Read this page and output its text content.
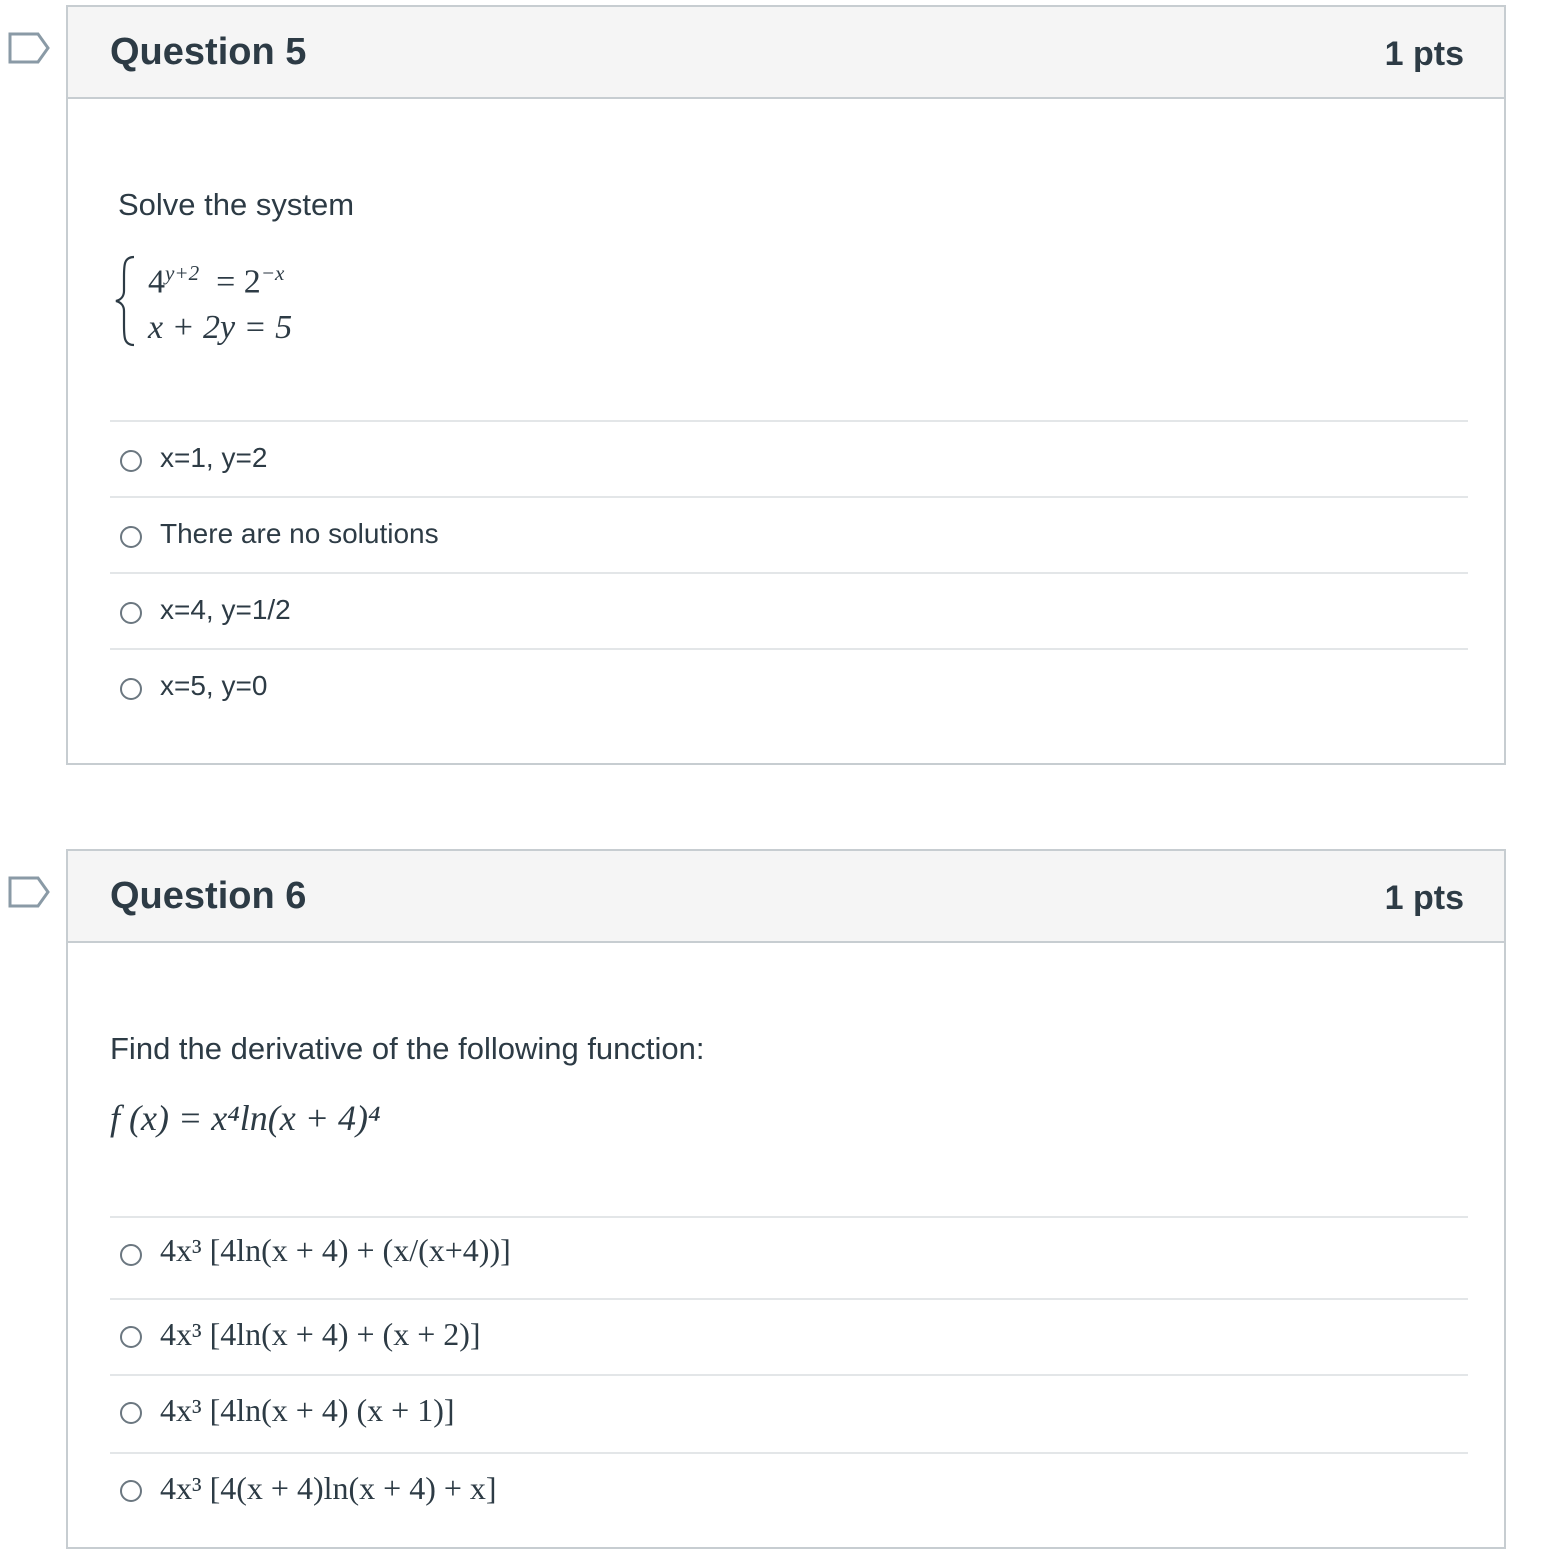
Question 5	1 pts
Solve the system
$4^{y+2} = 2^{-x}$
x + 2y = 5
x=1, y=2
There are no solutions
x=4, y=1/2
x=5, y=0
Question 6	1 pts
Find the derivative of the following function:
f (x) = x⁴ln(x + 4)⁴
4x³ [4ln(x + 4) + (x/(x+4))]
4x³ [4ln(x + 4) + (x + 2)]
4x³ [4ln(x + 4) (x + 1)]
4x³ [4(x + 4)ln(x + 4) + x]
